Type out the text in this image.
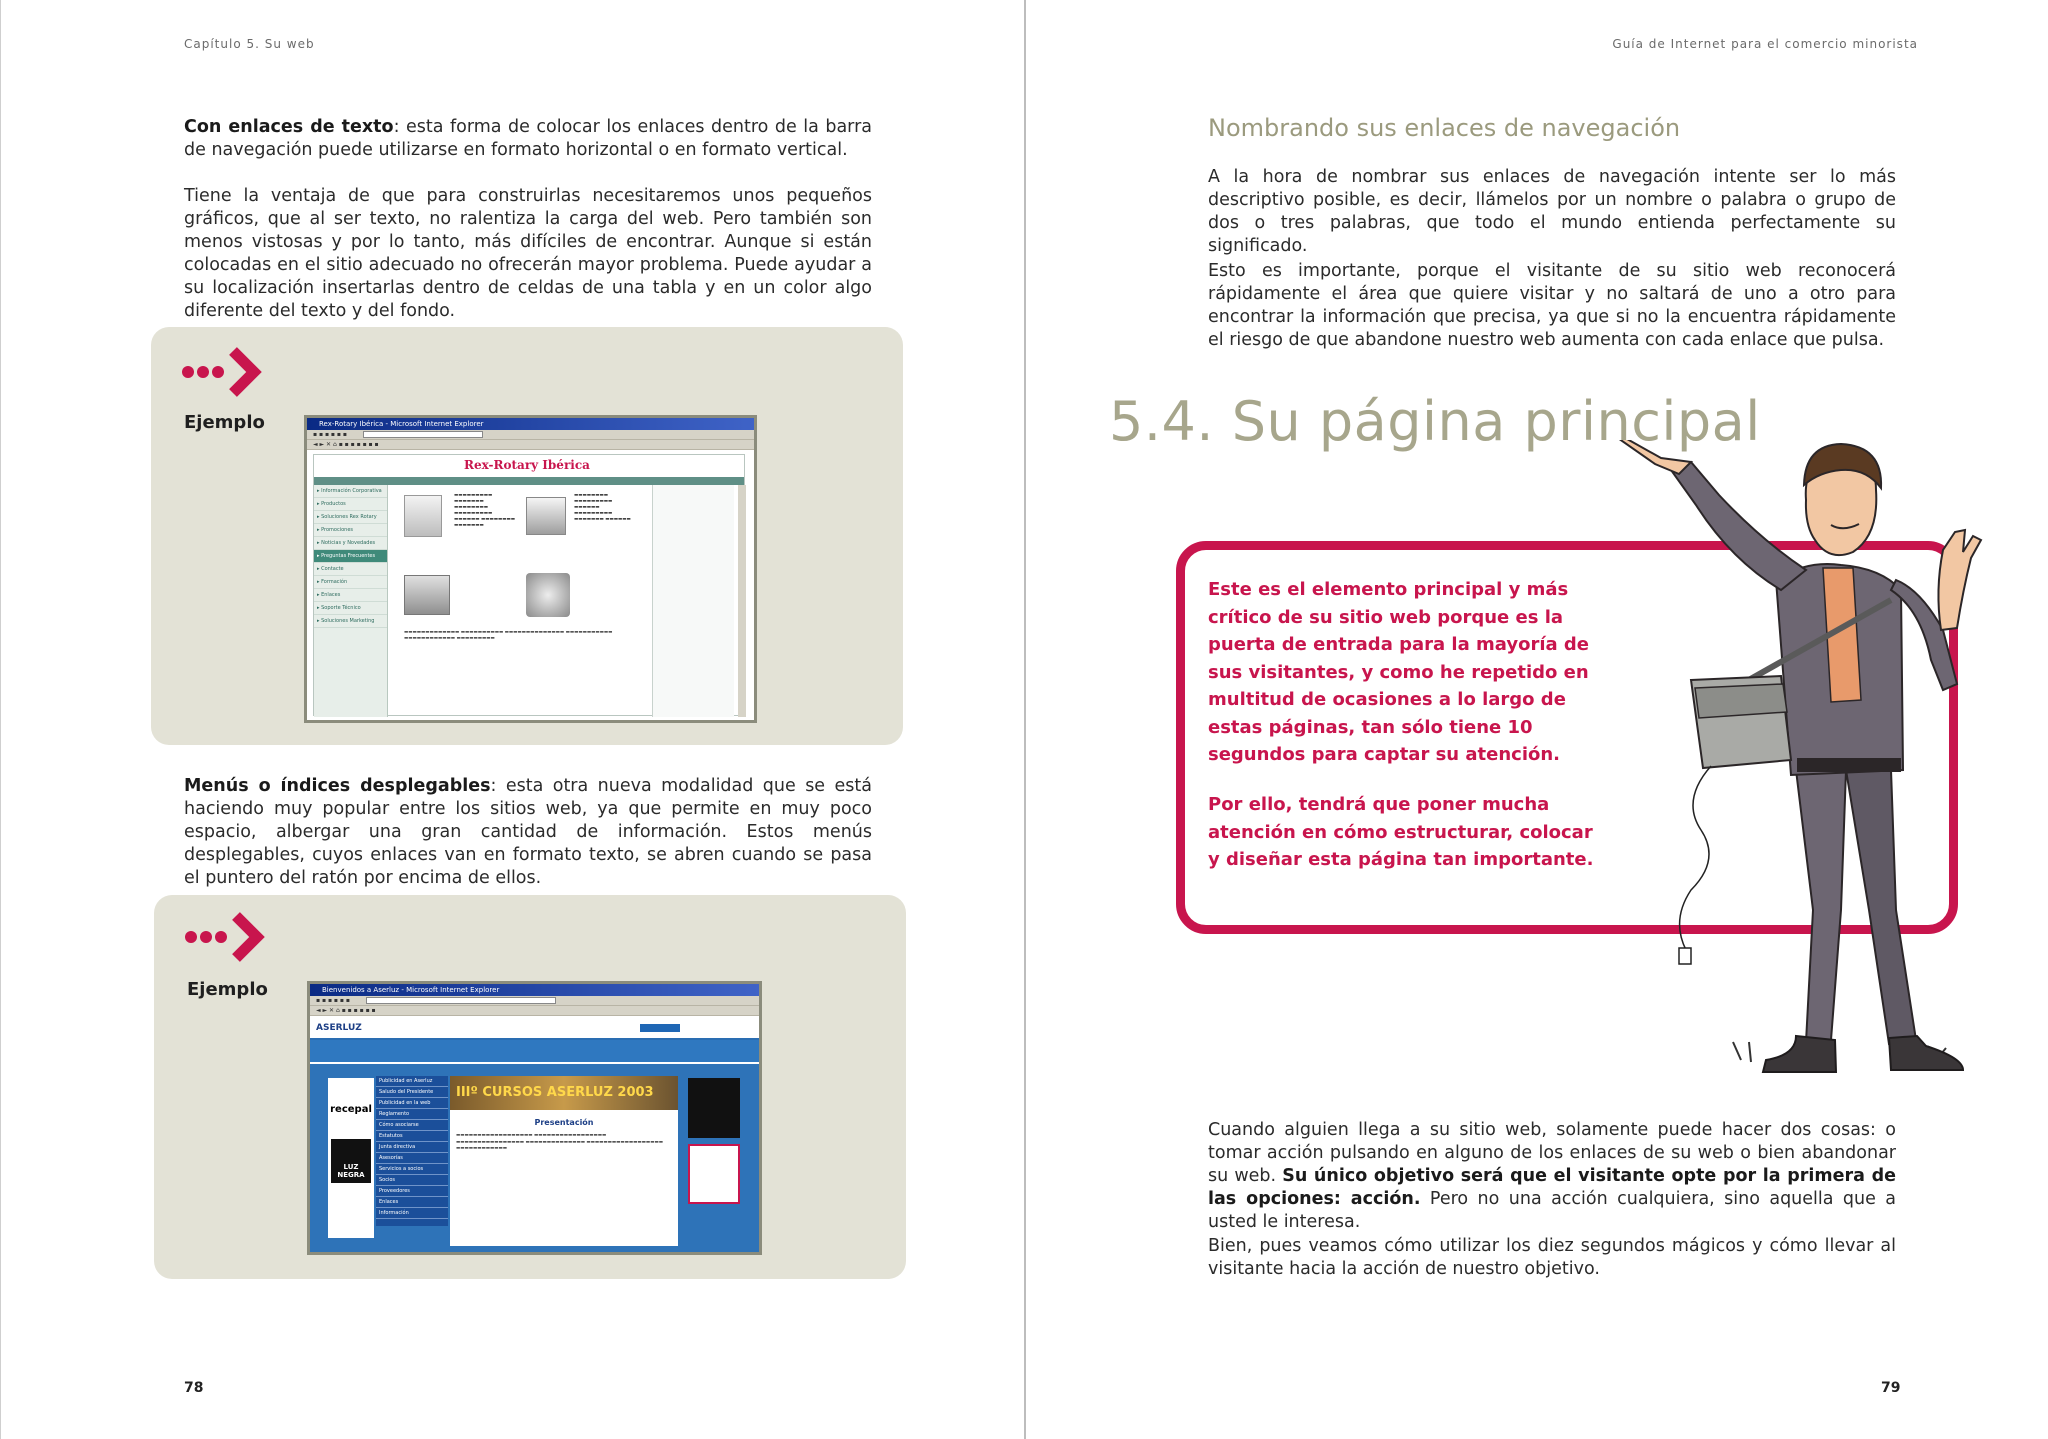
Capítulo 5. Su web

Con enlaces de texto: esta forma de colocar los enlaces dentro de la barra de navegación puede utilizarse en formato horizontal o en formato vertical.

Tiene la ventaja de que para construirlas necesitaremos unos pequeños gráficos, que al ser texto, no ralentiza la carga del web. Pero también son menos vistosas y por lo tanto, más difíciles de encontrar. Aunque si están colocadas en el sitio adecuado no ofrecerán mayor problema. Puede ayudar a su localización insertarlas dentro de celdas de una tabla y en un color algo diferente del texto y del fondo.

Ejemplo	Rex-Rotary Ibérica - Microsoft Internet Explorer
▪ ▪ ▪ ▪ ▪ ▪
◄ ► ✕ ⌂ ▪ ▪ ▪ ▪ ▪ ▪ ▪
Rex-Rotary Ibérica
▸ Información Corporativa
▸ Productos
▸ Soluciones Rex Rotary
▸ Promociones
▸ Noticias y Novedades
▸ Preguntas Frecuentes
▸ Contacte
▸ Formación
▸ Enlaces
▸ Soporte Técnico
▸ Soluciones Marketing
▬▬▬▬▬▬▬▬▬ ▬▬▬▬▬▬▬ ▬▬▬▬▬▬▬▬ ▬▬▬▬▬▬▬▬▬ ▬▬▬▬▬▬ ▬▬▬▬▬▬▬▬ ▬▬▬▬▬▬▬
▬▬▬▬▬▬▬▬ ▬▬▬▬▬▬▬▬▬ ▬▬▬▬▬▬ ▬▬▬▬▬▬▬▬▬ ▬▬▬▬▬▬▬ ▬▬▬▬▬▬
▬▬▬▬▬▬▬▬▬▬▬▬▬ ▬▬▬▬▬▬▬▬▬▬ ▬▬▬▬▬▬▬▬▬▬▬▬▬▬ ▬▬▬▬▬▬▬▬▬▬▬ ▬▬▬▬▬▬▬▬▬▬▬▬ ▬▬▬▬▬▬▬▬▬

Menús o índices desplegables: esta otra nueva modalidad que se está haciendo muy popular entre los sitios web, ya que permite en muy poco espacio, albergar una gran cantidad de información. Estos menús desplegables, cuyos enlaces van en formato texto, se abren cuando se pasa el puntero del ratón por encima de ellos.

Ejemplo	Bienvenidos a Aserluz - Microsoft Internet Explorer
▪ ▪ ▪ ▪ ▪ ▪
◄ ► ✕ ⌂ ▪ ▪ ▪ ▪ ▪ ▪
ASERLUZ
recepal
LUZ NEGRA
Publicidad en Aserluz
Saludo del Presidente
Publicidad en la web
Reglamento
Cómo asociarse
Estatutos
Junta directiva
Asesorías
Servicios a socios
Socios
Proveedores
Enlaces
Información
IIIº CURSOS ASERLUZ 2003
Presentación
▬▬▬▬▬▬▬▬▬▬▬▬▬▬▬▬▬▬ ▬▬▬▬▬▬▬▬▬▬▬▬▬▬▬▬▬ ▬▬▬▬▬▬▬▬▬▬▬▬▬▬▬▬ ▬▬▬▬▬▬▬▬▬▬▬▬▬▬ ▬▬▬▬▬▬▬▬▬▬▬▬▬▬▬▬▬▬ ▬▬▬▬▬▬▬▬▬▬▬▬
78
Guía de Internet para el comercio minorista
Nombrando sus enlaces de navegación

A la hora de nombrar sus enlaces de navegación intente ser lo más descriptivo posible, es decir, llámelos por un nombre o palabra o grupo de dos o tres palabras, que todo el mundo entienda perfectamente su significado.

Esto es importante, porque el visitante de su sitio web reconocerá rápidamente el área que quiere visitar y no saltará de uno a otro para encontrar la información que precisa, ya que si no la encuentra rápidamente el riesgo de que abandone nuestro web aumenta con cada enlace que pulsa.

5.4. Su página principal
Este es el elemento principal y más crítico de su sitio web porque es la puerta de entrada para la mayoría de sus visitantes, y como he repetido en multitud de ocasiones a lo largo de estas páginas, tan sólo tiene 10 segundos para captar su atención.
Por ello, tendrá que poner mucha atención en cómo estructurar, colocar y diseñar esta página tan importante.

Cuando alguien llega a su sitio web, solamente puede hacer dos cosas: o tomar acción pulsando en alguno de los enlaces de su web o bien abandonar su web. Su único objetivo será que el visitante opte por la primera de las opciones: acción. Pero no una acción cualquiera, sino aquella que a usted le interesa.

Bien, pues veamos cómo utilizar los diez segundos mágicos y cómo llevar al visitante hacia la acción de nuestro objetivo.

79
